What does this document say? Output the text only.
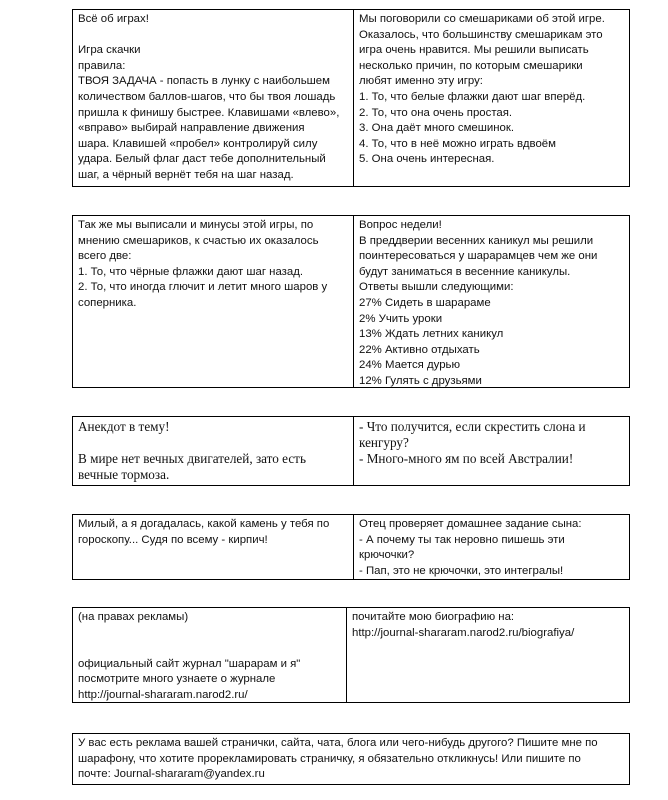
Всё об играх!
Игра скачки
правила:
ТВОЯ ЗАДАЧА - попасть в лунку с наибольшем
количеством баллов-шагов, что бы твоя лошадь
пришла к финишу быстрее. Клавишами «влево»,
«вправо» выбирай направление движения
шара. Клавишей «пробел» контролируй силу
удара. Белый флаг даст тебе дополнительный
шаг, а чёрный вернёт тебя на шаг назад.
Мы поговорили со смешариками об этой игре.
Оказалось, что большинству смешарикам это
игра очень нравится. Мы решили выписать
несколько причин, по которым смешарики
любят именно эту игру:
1. То, что белые флажки дают шаг вперёд.
2. То, что она очень простая.
3. Она даёт много смешинок.
4. То, что в неё можно играть вдвоём
5. Она очень интересная.
Так же мы выписали и минусы этой игры, по
мнению смешариков, к счастью их оказалось
всего две:
1. То, что чёрные флажки дают шаг назад.
2. То, что иногда глючит и летит много шаров у
соперника.
Вопрос недели!
В преддверии весенних каникул мы решили
поинтересоваться у шарарамцев чем же они
будут заниматься в весенние каникулы.
Ответы вышли следующими:
27% Сидеть в шарараме
2% Учить уроки
13% Ждать летних каникул
22% Активно отдыхать
24% Мается дурью
12% Гулять с друзьями
Анекдот в тему!
В мире нет вечных двигателей, зато есть
вечные тормоза.
- Что получится, если скрестить слона и
кенгуру?
- Много-много ям по всей Австралии!
Милый, а я догадалась, какой камень у тебя по
гороскопу... Судя по всему - кирпич!
Отец проверяет домашнее задание сына:
- А почему ты так неровно пишешь эти
крючочки?
- Пап, это не крючочки, это интегралы!
(на правах рекламы)
официальный сайт журнал "шарарам и я"
посмотрите много узнаете о журнале
http://journal-shararam.narod2.ru/
почитайте мою биографию на:
http://journal-shararam.narod2.ru/biografiya/
У вас есть реклама вашей странички, сайта, чата, блога или чего-нибудь другого? Пишите мне по
шарафону, что хотите прорекламировать страничку, я обязательно откликнусь! Или пишите по
почте: Journal-shararam@yandex.ru
